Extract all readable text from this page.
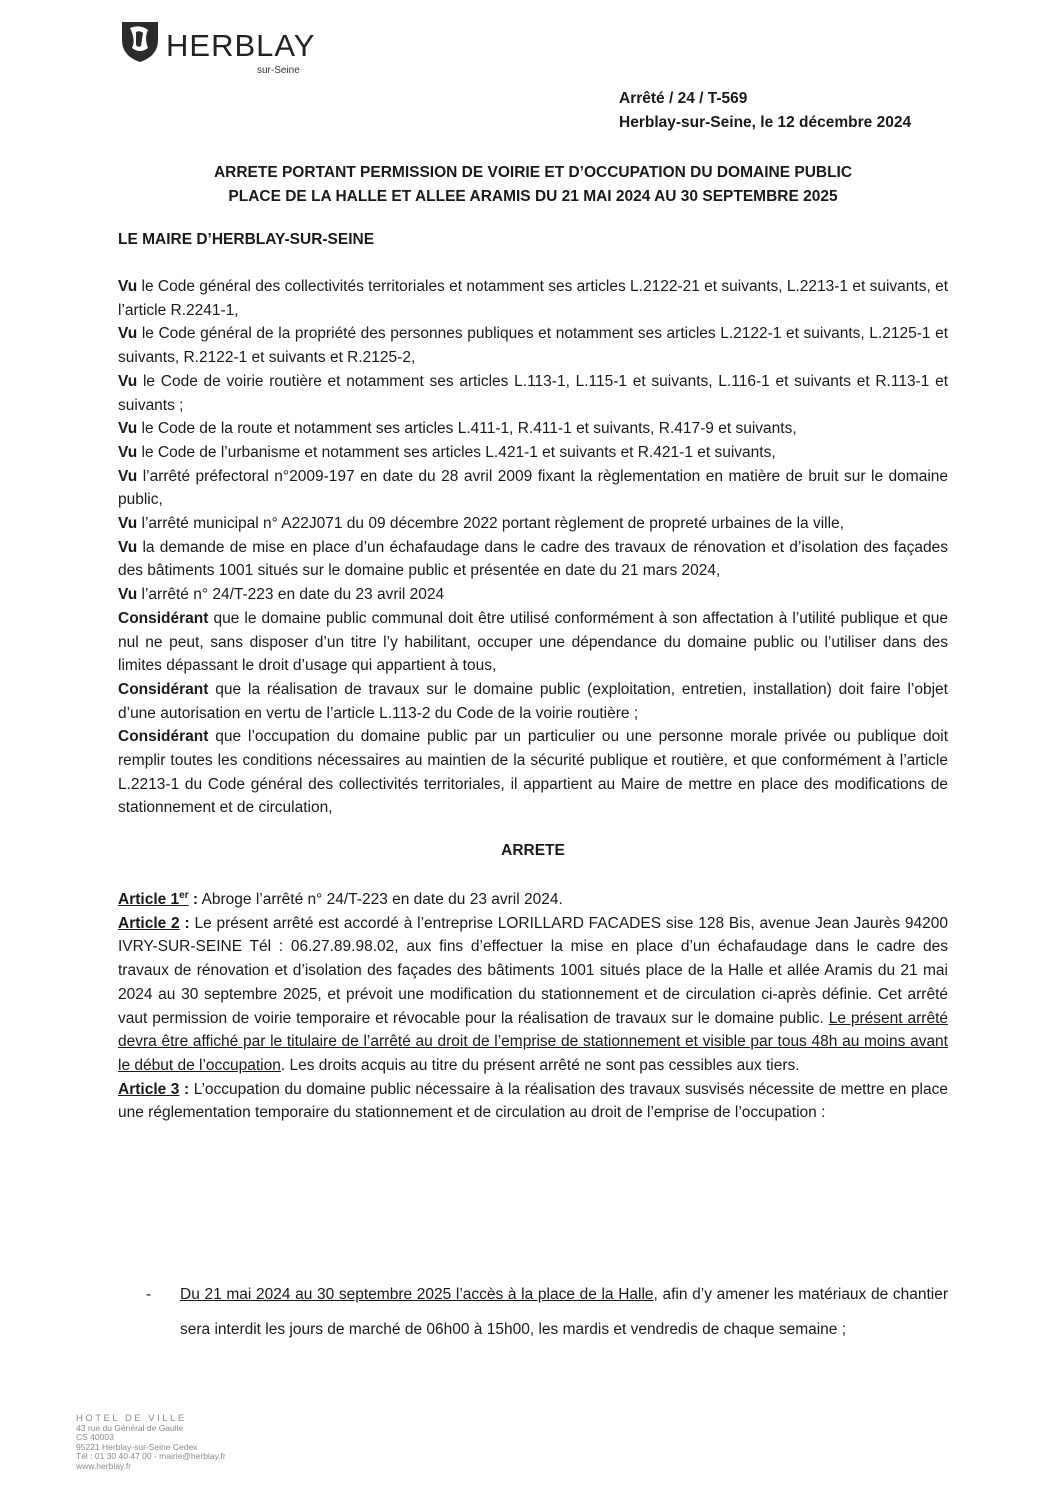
HERBLAY
sur-Seine
Arrêté / 24 / T-569
Herblay-sur-Seine, le 12 décembre 2024
ARRETE PORTANT PERMISSION DE VOIRIE ET D’OCCUPATION DU DOMAINE PUBLIC
PLACE DE LA HALLE ET ALLEE ARAMIS DU 21 MAI 2024 AU 30 SEPTEMBRE 2025
LE MAIRE D’HERBLAY-SUR-SEINE

Vu le Code général des collectivités territoriales et notamment ses articles L.2122-21 et suivants, L.2213-1 et suivants, et l’article R.2241-1,

Vu le Code général de la propriété des personnes publiques et notamment ses articles L.2122-1 et suivants, L.2125-1 et suivants, R.2122-1 et suivants et R.2125-2,

Vu le Code de voirie routière et notamment ses articles L.113-1, L.115-1 et suivants, L.116-1 et suivants et R.113-1 et suivants ;

Vu le Code de la route et notamment ses articles L.411-1, R.411-1 et suivants, R.417-9 et suivants,

Vu le Code de l’urbanisme et notamment ses articles L.421-1 et suivants et R.421-1 et suivants,

Vu l’arrêté préfectoral n°2009-197 en date du 28 avril 2009 fixant la règlementation en matière de bruit sur le domaine public,

Vu l’arrêté municipal n° A22J071 du 09 décembre 2022 portant règlement de propreté urbaines de la ville,

Vu la demande de mise en place d’un échafaudage dans le cadre des travaux de rénovation et d’isolation des façades des bâtiments 1001 situés sur le domaine public et présentée en date du 21 mars 2024,

Vu l’arrêté n° 24/T-223 en date du 23 avril 2024

Considérant que le domaine public communal doit être utilisé conformément à son affectation à l’utilité publique et que nul ne peut, sans disposer d’un titre l’y habilitant, occuper une dépendance du domaine public ou l’utiliser dans des limites dépassant le droit d’usage qui appartient à tous,

Considérant que la réalisation de travaux sur le domaine public (exploitation, entretien, installation) doit faire l’objet d’une autorisation en vertu de l’article L.113-2 du Code de la voirie routière ;

Considérant que l’occupation du domaine public par un particulier ou une personne morale privée ou publique doit remplir toutes les conditions nécessaires au maintien de la sécurité publique et routière, et que conformément à l’article L.2213-1 du Code général des collectivités territoriales, il appartient au Maire de mettre en place des modifications de stationnement et de circulation,

ARRETE

Article 1er : Abroge l’arrêté n° 24/T-223 en date du 23 avril 2024.

Article 2 : Le présent arrêté est accordé à l’entreprise LORILLARD FACADES sise 128 Bis, avenue Jean Jaurès 94200 IVRY-SUR-SEINE Tél : 06.27.89.98.02, aux fins d’effectuer la mise en place d’un échafaudage dans le cadre des travaux de rénovation et d’isolation des façades des bâtiments 1001 situés place de la Halle et allée Aramis du 21 mai 2024 au 30 septembre 2025, et prévoit une modification du stationnement et de circulation ci-après définie. Cet arrêté vaut permission de voirie temporaire et révocable pour la réalisation de travaux sur le domaine public. Le présent arrêté devra être affiché par le titulaire de l’arrêté au droit de l’emprise de stationnement et visible par tous 48h au moins avant le début de l’occupation. Les droits acquis au titre du présent arrêté ne sont pas cessibles aux tiers.

Article 3 : L’occupation du domaine public nécessaire à la réalisation des travaux susvisés nécessite de mettre en place une réglementation temporaire du stationnement et de circulation au droit de l’emprise de l’occupation :

- Du 21 mai 2024 au 30 septembre 2025 l’accès à la place de la Halle, afin d’y amener les matériaux de chantier sera interdit les jours de marché de 06h00 à 15h00, les mardis et vendredis de chaque semaine ;
HOTEL DE VILLE
43 rue du Général de Gaulle
CS 40003
95221 Herblay-sur-Seine Cedex
Tél : 01 30 40 47 00 - mairie@herblay.fr
www.herblay.fr
